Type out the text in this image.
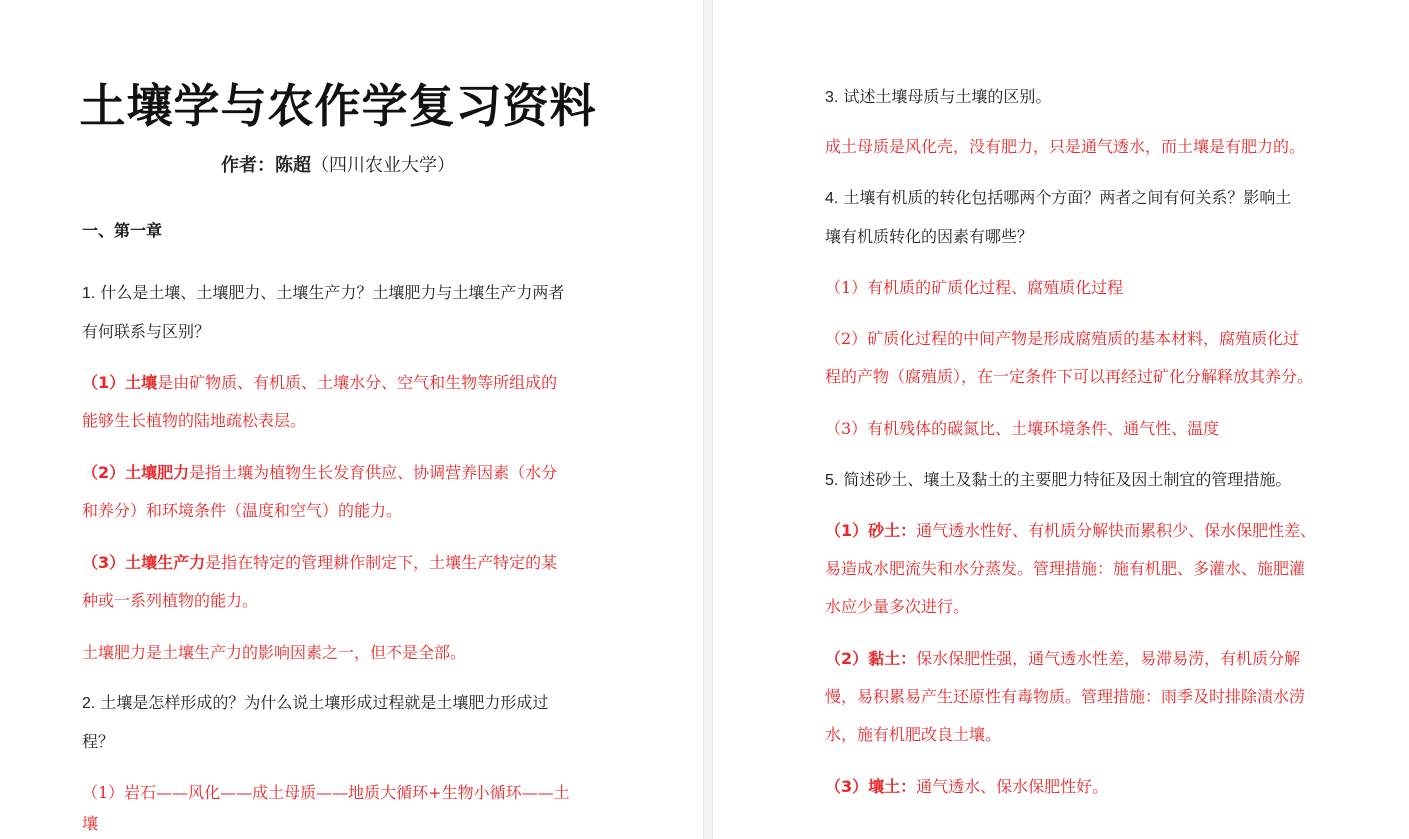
土壤学与农作学复习资料
作者：陈超（四川农业大学）
一、第一章
1. 什么是土壤、土壤肥力、土壤生产力？土壤肥力与土壤生产力两者
有何联系与区别？
（1）土壤是由矿物质、有机质、土壤水分、空气和生物等所组成的
能够生长植物的陆地疏松表层。
（2）土壤肥力是指土壤为植物生长发育供应、协调营养因素（水分
和养分）和环境条件（温度和空气）的能力。
（3）土壤生产力是指在特定的管理耕作制定下，土壤生产特定的某
种或一系列植物的能力。
土壤肥力是土壤生产力的影响因素之一，但不是全部。
2. 土壤是怎样形成的？为什么说土壤形成过程就是土壤肥力形成过
程？
（1）岩石——风化——成土母质——地质大循环+生物小循环——土
壤
3. 试述土壤母质与土壤的区别。
成土母质是风化壳，没有肥力，只是通气透水，而土壤是有肥力的。
4. 土壤有机质的转化包括哪两个方面？两者之间有何关系？影响土
壤有机质转化的因素有哪些？
（1）有机质的矿质化过程、腐殖质化过程
（2）矿质化过程的中间产物是形成腐殖质的基本材料，腐殖质化过
程的产物（腐殖质），在一定条件下可以再经过矿化分解释放其养分。
（3）有机残体的碳氮比、土壤环境条件、通气性、温度
5. 简述砂土、壤土及黏土的主要肥力特征及因土制宜的管理措施。
（1）砂土：通气透水性好、有机质分解快而累积少、保水保肥性差、
易造成水肥流失和水分蒸发。管理措施：施有机肥、多灌水、施肥灌
水应少量多次进行。
（2）黏土：保水保肥性强，通气透水性差，易滞易涝，有机质分解
慢，易积累易产生还原性有毒物质。管理措施：雨季及时排除渍水涝
水，施有机肥改良土壤。
（3）壤土：通气透水、保水保肥性好。
